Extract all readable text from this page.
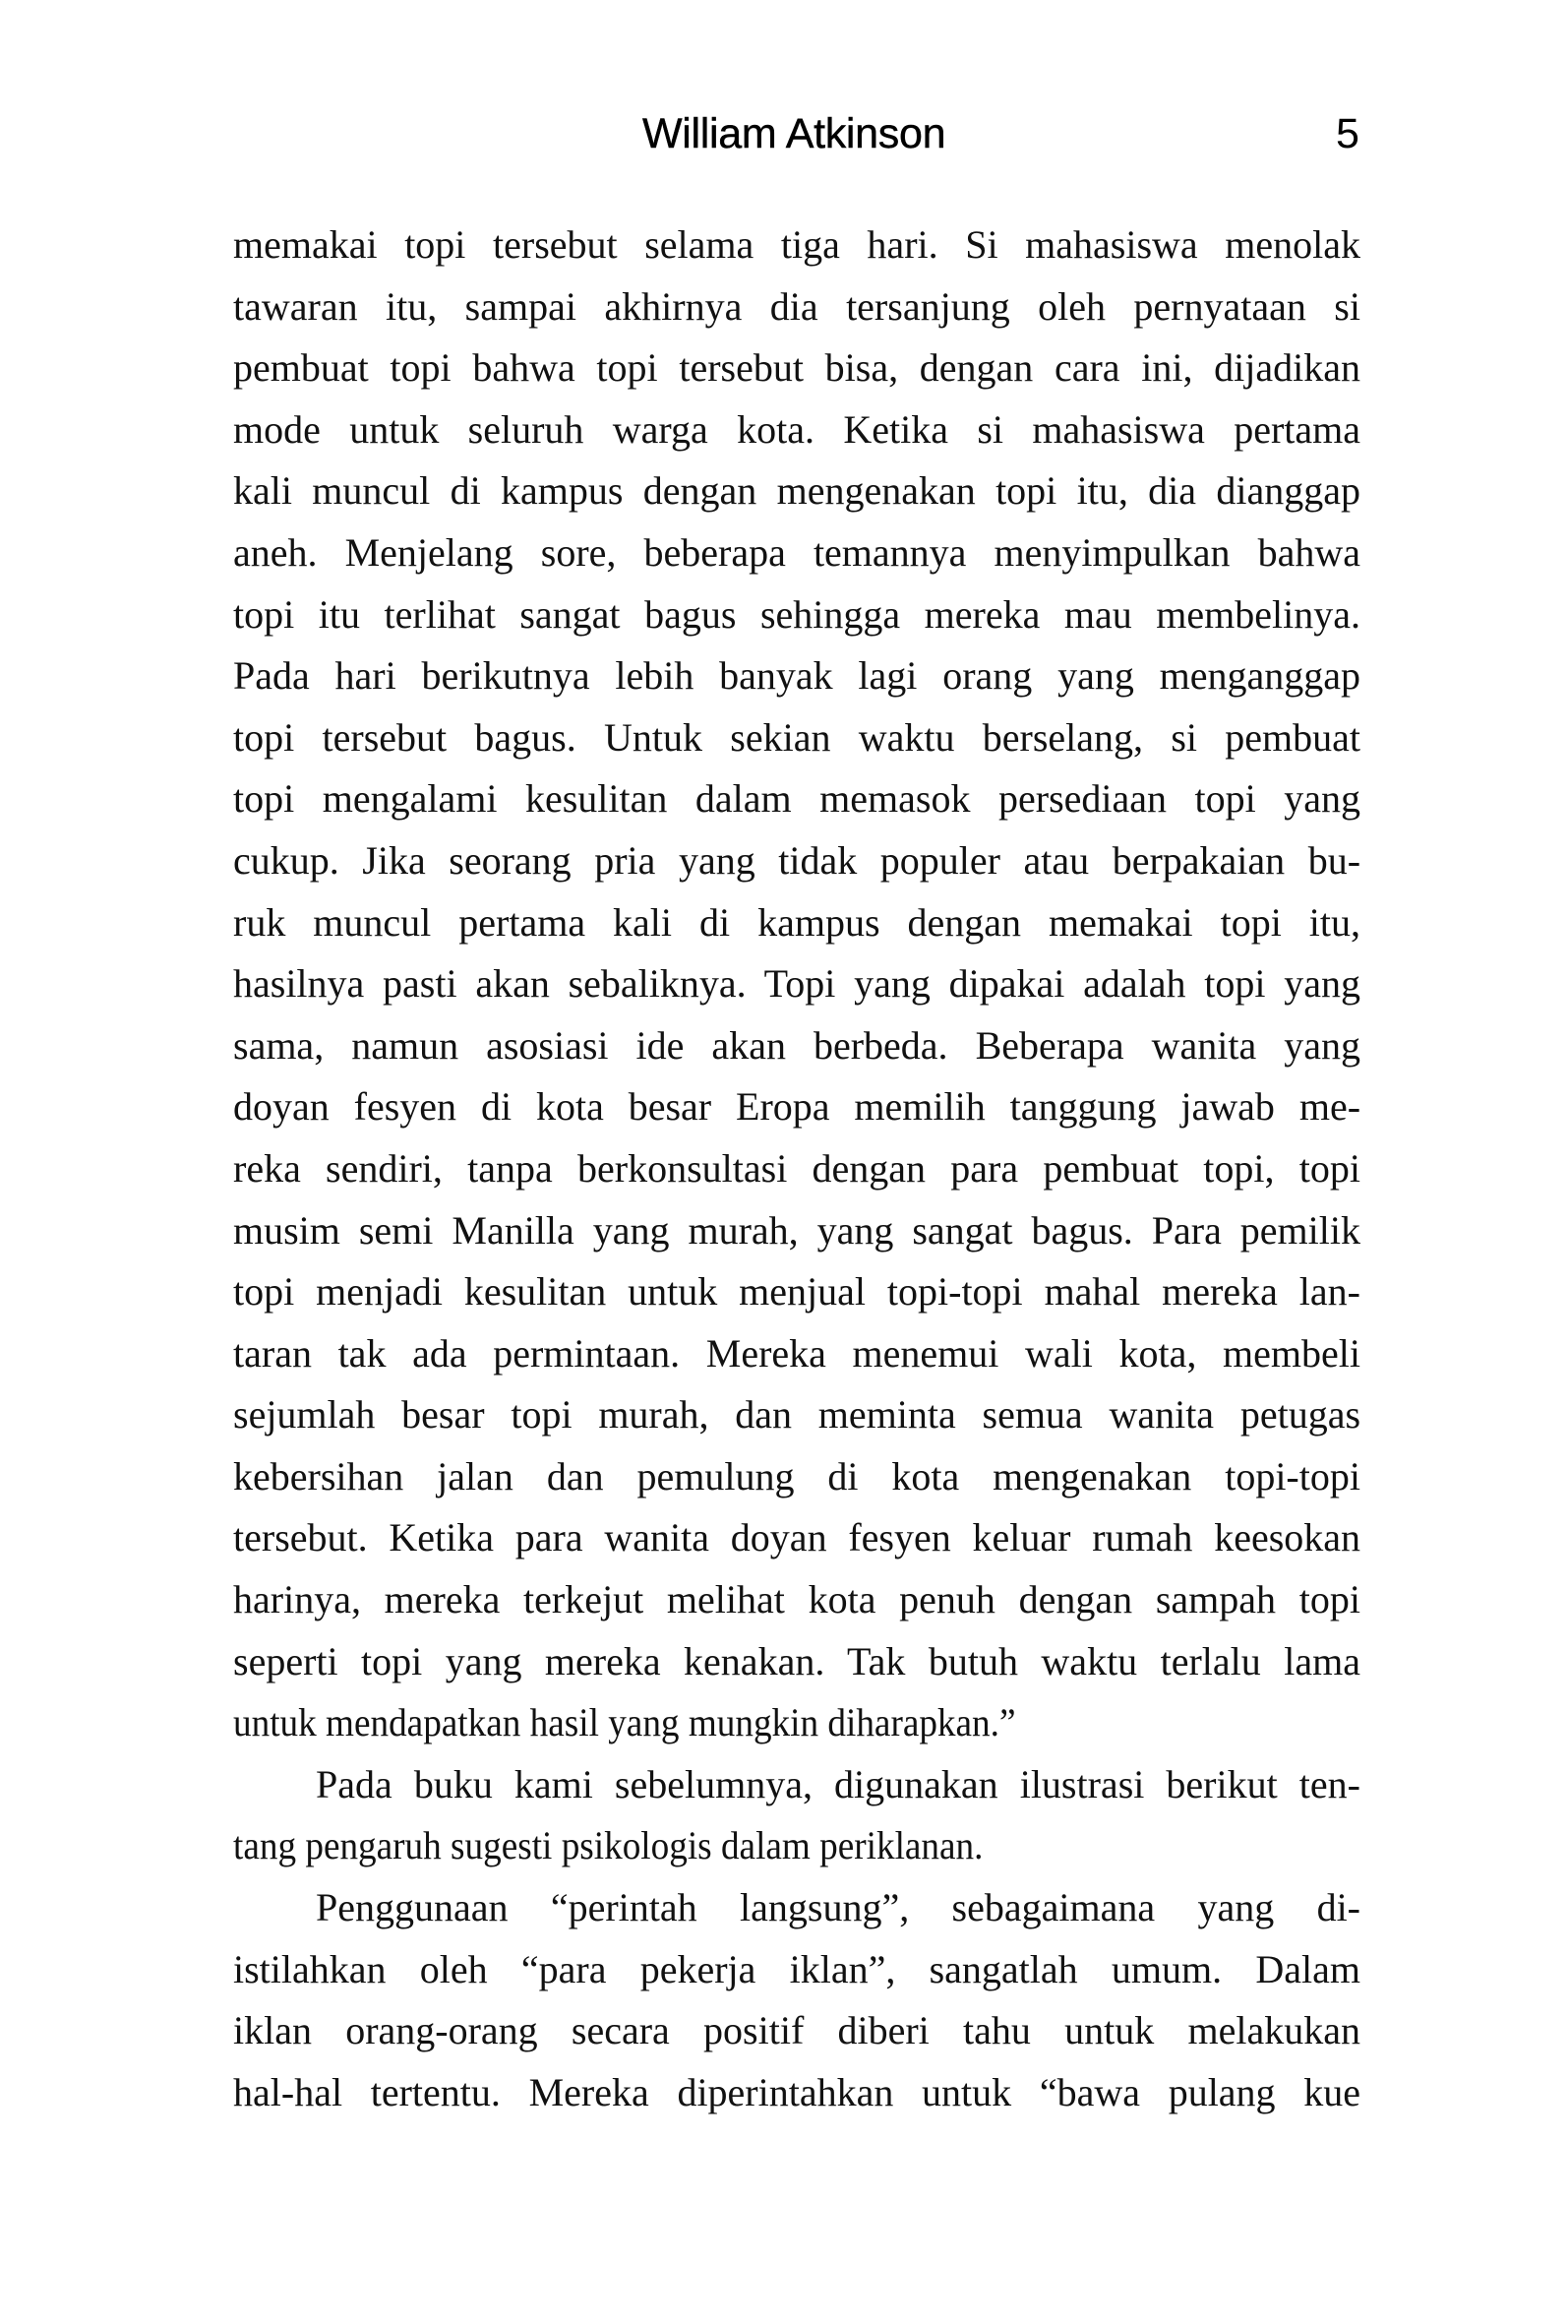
William Atkinson	5
memakai topi tersebut selama tiga hari. Si mahasiswa menolak
tawaran itu, sampai akhirnya dia tersanjung oleh pernyataan si
pembuat topi bahwa topi tersebut bisa, dengan cara ini, dijadikan
mode untuk seluruh warga kota. Ketika si mahasiswa pertama
kali muncul di kampus dengan mengenakan topi itu, dia dianggap
aneh. Menjelang sore, beberapa temannya menyimpulkan bahwa
topi itu terlihat sangat bagus sehingga mereka mau membelinya.
Pada hari berikutnya lebih banyak lagi orang yang menganggap
topi tersebut bagus. Untuk sekian waktu berselang, si pembuat
topi mengalami kesulitan dalam memasok persediaan topi yang
cukup. Jika seorang pria yang tidak populer atau berpakaian bu-
ruk muncul pertama kali di kampus dengan memakai topi itu,
hasilnya pasti akan sebaliknya. Topi yang dipakai adalah topi yang
sama, namun asosiasi ide akan berbeda. Beberapa wanita yang
doyan fesyen di kota besar Eropa memilih tanggung jawab me-
reka sendiri, tanpa berkonsultasi dengan para pembuat topi, topi
musim semi Manilla yang murah, yang sangat bagus. Para pemilik
topi menjadi kesulitan untuk menjual topi-topi mahal mereka lan-
taran tak ada permintaan. Mereka menemui wali kota, membeli
sejumlah besar topi murah, dan meminta semua wanita petugas
kebersihan jalan dan pemulung di kota mengenakan topi-topi
tersebut. Ketika para wanita doyan fesyen keluar rumah keesokan
harinya, mereka terkejut melihat kota penuh dengan sampah topi
seperti topi yang mereka kenakan. Tak butuh waktu terlalu lama
untuk mendapatkan hasil yang mungkin diharapkan.”
Pada buku kami sebelumnya, digunakan ilustrasi berikut ten-
tang pengaruh sugesti psikologis dalam periklanan.
Penggunaan “perintah langsung”, sebagaimana yang di-
istilahkan oleh “para pekerja iklan”, sangatlah umum. Dalam
iklan orang-orang secara positif diberi tahu untuk melakukan
hal-hal tertentu. Mereka diperintahkan untuk “bawa pulang kue
